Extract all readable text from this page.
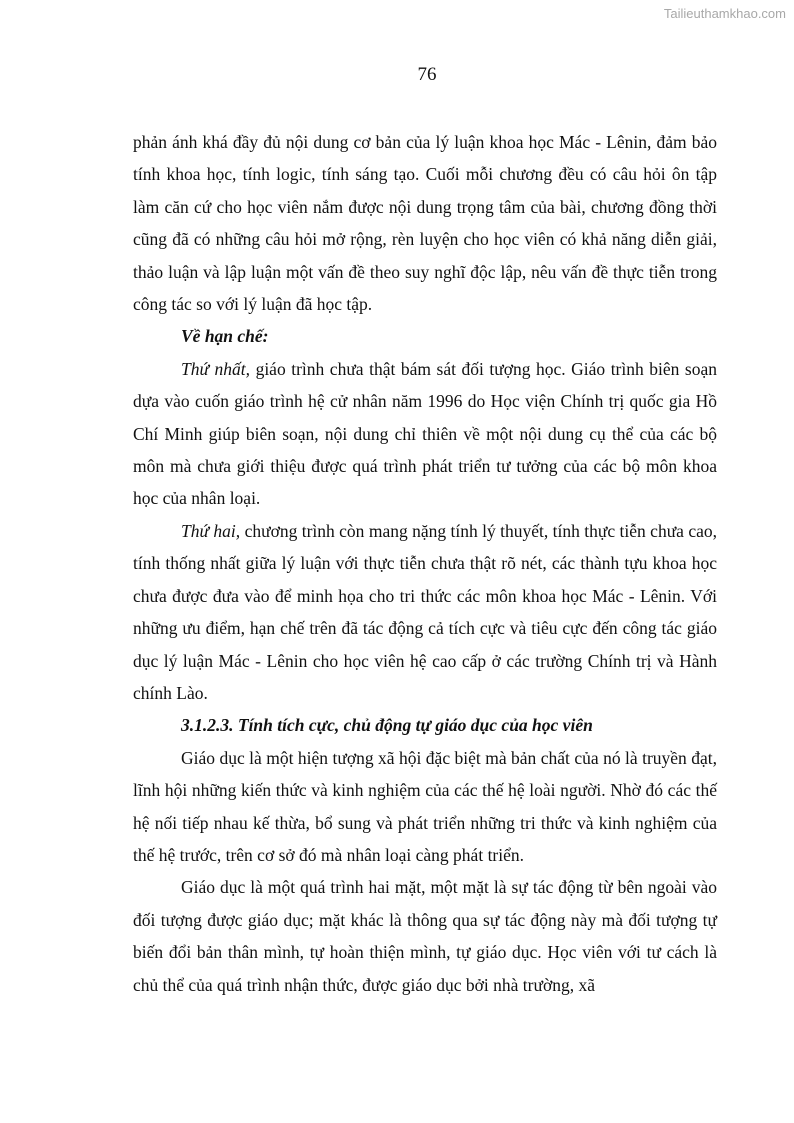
Tailieuthamkhao.com
76

phản ánh khá đầy đủ nội dung cơ bản của lý luận khoa học Mác - Lênin, đảm bảo tính khoa học, tính logic, tính sáng tạo. Cuối mỗi chương đều có câu hỏi ôn tập làm căn cứ cho học viên nắm được nội dung trọng tâm của bài, chương đồng thời cũng đã có những câu hỏi mở rộng, rèn luyện cho học viên có khả năng diễn giải, thảo luận và lập luận một vấn đề theo suy nghĩ độc lập, nêu vấn đề thực tiễn trong công tác so với lý luận đã học tập.

Về hạn chế:

Thứ nhất, giáo trình chưa thật bám sát đối tượng học. Giáo trình biên soạn dựa vào cuốn giáo trình hệ cử nhân năm 1996 do Học viện Chính trị quốc gia Hồ Chí Minh giúp biên soạn, nội dung chỉ thiên về một nội dung cụ thể của các bộ môn mà chưa giới thiệu được quá trình phát triển tư tưởng của các bộ môn khoa học của nhân loại.

Thứ hai, chương trình còn mang nặng tính lý thuyết, tính thực tiễn chưa cao, tính thống nhất giữa lý luận với thực tiễn chưa thật rõ nét, các thành tựu khoa học chưa được đưa vào để minh họa cho tri thức các môn khoa học Mác - Lênin. Với những ưu điểm, hạn chế trên đã tác động cả tích cực và tiêu cực đến công tác giáo dục lý luận Mác - Lênin cho học viên hệ cao cấp ở các trường Chính trị và Hành chính Lào.

3.1.2.3. Tính tích cực, chủ động tự giáo dục của học viên

Giáo dục là một hiện tượng xã hội đặc biệt mà bản chất của nó là truyền đạt, lĩnh hội những kiến thức và kinh nghiệm của các thế hệ loài người. Nhờ đó các thế hệ nối tiếp nhau kế thừa, bổ sung và phát triển những tri thức và kinh nghiệm của thế hệ trước, trên cơ sở đó mà nhân loại càng phát triển.

Giáo dục là một quá trình hai mặt, một mặt là sự tác động từ bên ngoài vào đối tượng được giáo dục; mặt khác là thông qua sự tác động này mà đối tượng tự biến đổi bản thân mình, tự hoàn thiện mình, tự giáo dục. Học viên với tư cách là chủ thể của quá trình nhận thức, được giáo dục bởi nhà trường, xã
